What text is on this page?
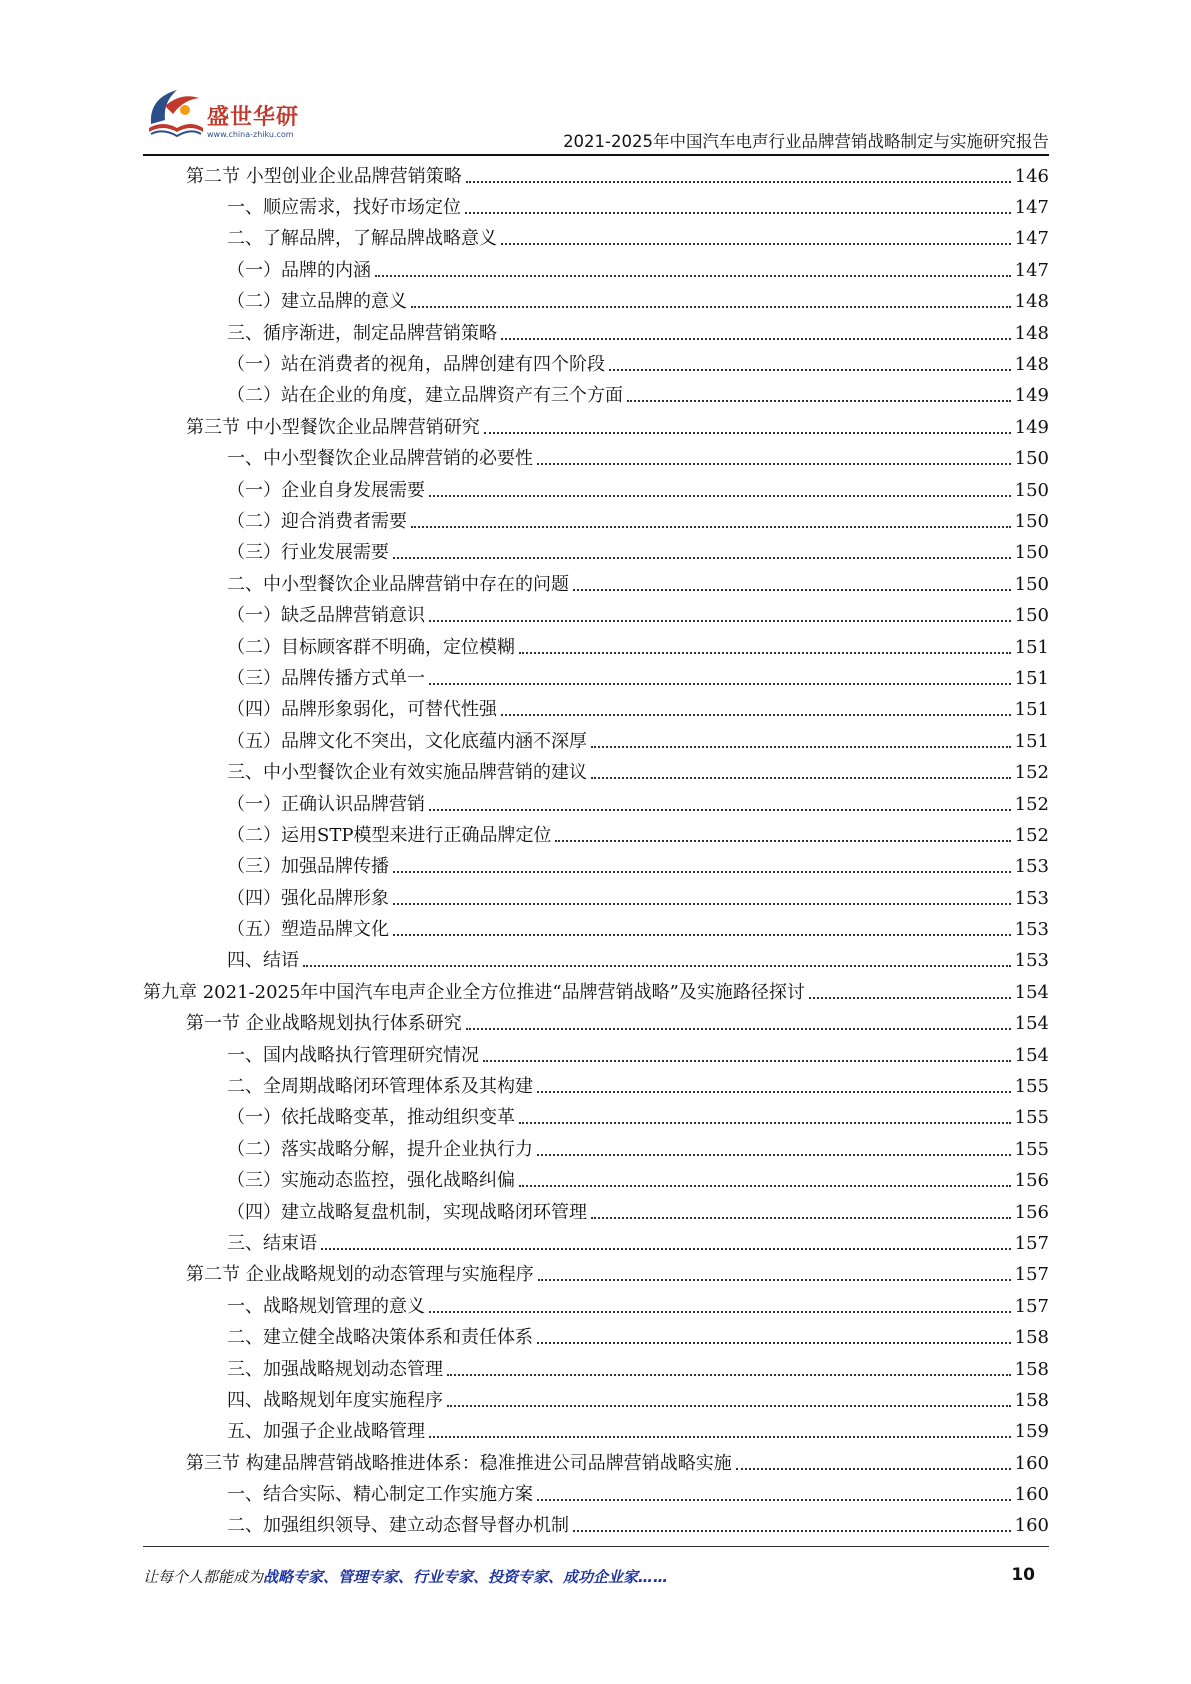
盛世华研
www.china-zhiku.com	2021-2025年中国汽车电声行业品牌营销战略制定与实施研究报告
第二节 小型创业企业品牌营销策略	146
一、顺应需求，找好市场定位	147
二、了解品牌，了解品牌战略意义	147
（一）品牌的内涵	147
（二）建立品牌的意义	148
三、循序渐进，制定品牌营销策略	148
（一）站在消费者的视角，品牌创建有四个阶段	148
（二）站在企业的角度，建立品牌资产有三个方面	149
第三节 中小型餐饮企业品牌营销研究	149
一、中小型餐饮企业品牌营销的必要性	150
（一）企业自身发展需要	150
（二）迎合消费者需要	150
（三）行业发展需要	150
二、中小型餐饮企业品牌营销中存在的问题	150
（一）缺乏品牌营销意识	150
（二）目标顾客群不明确，定位模糊	151
（三）品牌传播方式单一	151
（四）品牌形象弱化，可替代性强	151
（五）品牌文化不突出，文化底蕴内涵不深厚	151
三、中小型餐饮企业有效实施品牌营销的建议	152
（一）正确认识品牌营销	152
（二）运用STP模型来进行正确品牌定位	152
（三）加强品牌传播	153
（四）强化品牌形象	153
（五）塑造品牌文化	153
四、结语	153
第九章 2021-2025年中国汽车电声企业全方位推进“品牌营销战略”及实施路径探讨	154
第一节 企业战略规划执行体系研究	154
一、国内战略执行管理研究情况	154
二、全周期战略闭环管理体系及其构建	155
（一）依托战略变革，推动组织变革	155
（二）落实战略分解，提升企业执行力	155
（三）实施动态监控，强化战略纠偏	156
（四）建立战略复盘机制，实现战略闭环管理	156
三、结束语	157
第二节 企业战略规划的动态管理与实施程序	157
一、战略规划管理的意义	157
二、建立健全战略决策体系和责任体系	158
三、加强战略规划动态管理	158
四、战略规划年度实施程序	158
五、加强子企业战略管理	159
第三节 构建品牌营销战略推进体系：稳准推进公司品牌营销战略实施	160
一、结合实际、精心制定工作实施方案	160
二、加强组织领导、建立动态督导督办机制	160
让每个人都能成为战略专家、管理专家、行业专家、投资专家、成功企业家……	10
